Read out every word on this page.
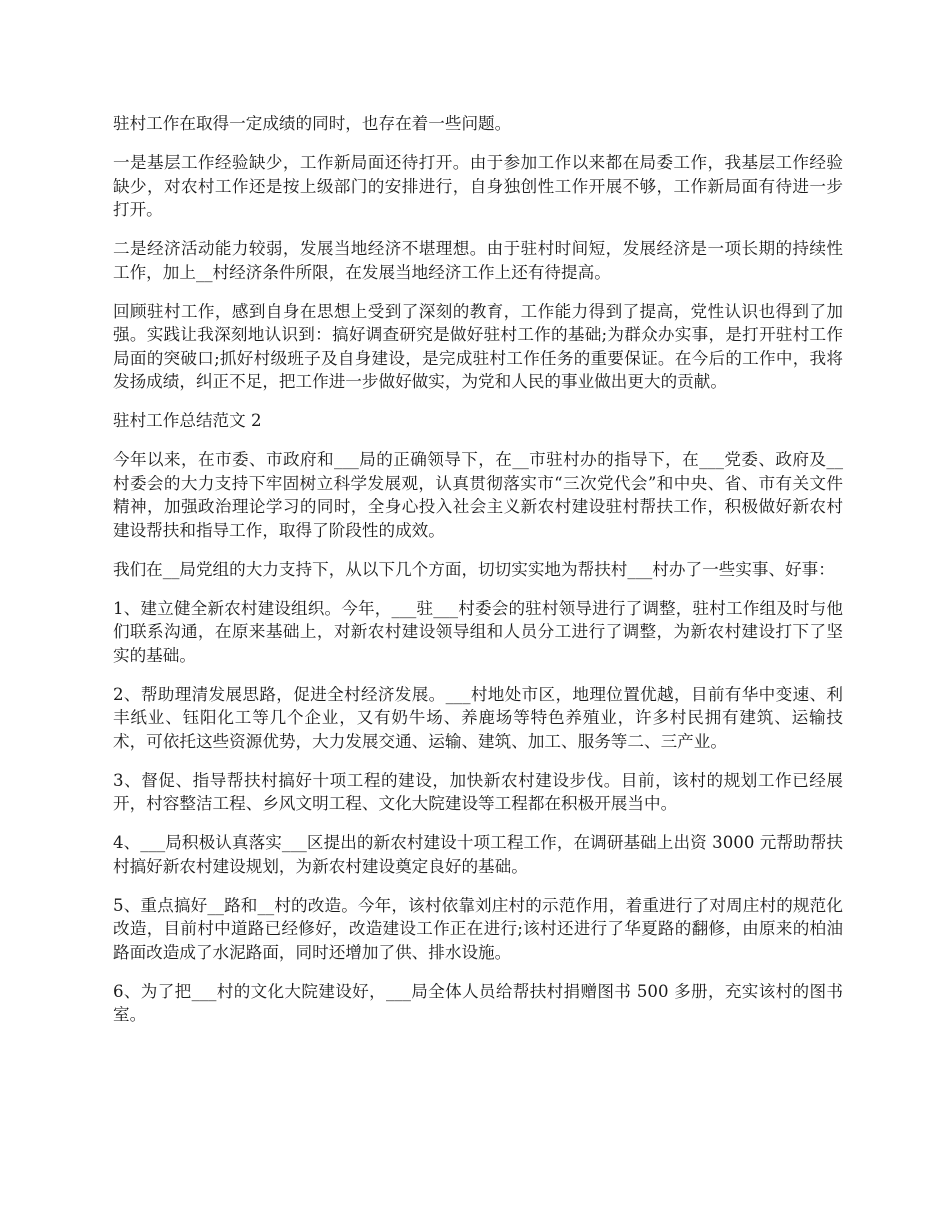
驻村工作在取得一定成绩的同时，也存在着一些问题。

一是基层工作经验缺少，工作新局面还待打开。由于参加工作以来都在局委工作，我基层工作经验缺少，对农村工作还是按上级部门的安排进行，自身独创性工作开展不够，工作新局面有待进一步打开。

二是经济活动能力较弱，发展当地经济不堪理想。由于驻村时间短，发展经济是一项长期的持续性工作，加上__村经济条件所限，在发展当地经济工作上还有待提高。

回顾驻村工作，感到自身在思想上受到了深刻的教育，工作能力得到了提高，党性认识也得到了加强。实践让我深刻地认识到：搞好调查研究是做好驻村工作的基础;为群众办实事，是打开驻村工作局面的突破口;抓好村级班子及自身建设，是完成驻村工作任务的重要保证。在今后的工作中，我将发扬成绩，纠正不足，把工作进一步做好做实，为党和人民的事业做出更大的贡献。

驻村工作总结范文 2

今年以来，在市委、市政府和___局的正确领导下，在__市驻村办的指导下，在___党委、政府及__村委会的大力支持下牢固树立科学发展观，认真贯彻落实市“三次党代会”和中央、省、市有关文件精神，加强政治理论学习的同时，全身心投入社会主义新农村建设驻村帮扶工作，积极做好新农村建设帮扶和指导工作，取得了阶段性的成效。

我们在__局党组的大力支持下，从以下几个方面，切切实实地为帮扶村___村办了一些实事、好事：

1、建立健全新农村建设组织。今年，___驻___村委会的驻村领导进行了调整，驻村工作组及时与他们联系沟通，在原来基础上，对新农村建设领导组和人员分工进行了调整，为新农村建设打下了坚实的基础。

2、帮助理清发展思路，促进全村经济发展。___村地处市区，地理位置优越，目前有华中变速、利丰纸业、钰阳化工等几个企业，又有奶牛场、养鹿场等特色养殖业，许多村民拥有建筑、运输技术，可依托这些资源优势，大力发展交通、运输、建筑、加工、服务等二、三产业。

3、督促、指导帮扶村搞好十项工程的建设，加快新农村建设步伐。目前，该村的规划工作已经展开，村容整洁工程、乡风文明工程、文化大院建设等工程都在积极开展当中。

4、___局积极认真落实___区提出的新农村建设十项工程工作，在调研基础上出资 3000 元帮助帮扶村搞好新农村建设规划，为新农村建设奠定良好的基础。

5、重点搞好__路和__村的改造。今年，该村依靠刘庄村的示范作用，着重进行了对周庄村的规范化改造，目前村中道路已经修好，改造建设工作正在进行;该村还进行了华夏路的翻修，由原来的柏油路面改造成了水泥路面，同时还增加了供、排水设施。

6、为了把___村的文化大院建设好，___局全体人员给帮扶村捐赠图书 500 多册，充实该村的图书室。
